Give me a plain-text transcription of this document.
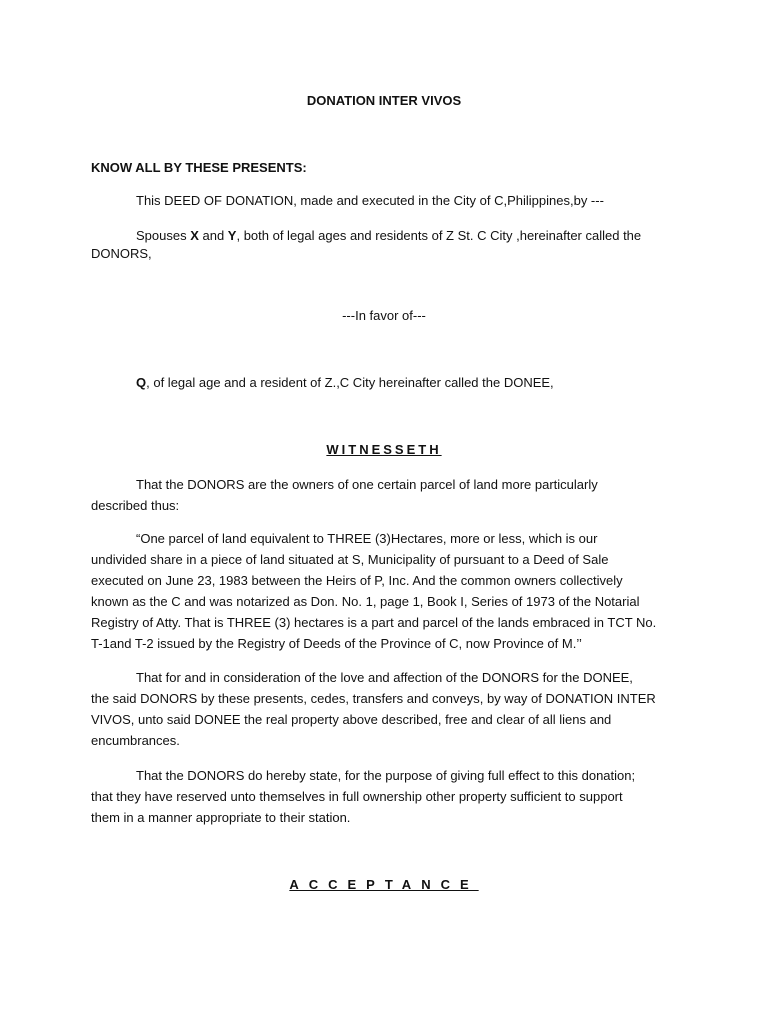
DONATION INTER VIVOS
KNOW ALL BY THESE PRESENTS:
This DEED OF DONATION, made and executed in the City of C,Philippines,by ---
Spouses X and Y, both of legal ages and residents of Z St. C City ,hereinafter called the
DONORS,
---In favor of---
Q, of legal age and a resident of Z.,C City hereinafter called the DONEE,
WITNESSETH
That the DONORS are the owners of one certain parcel of land more particularly
described thus:
“One parcel of land equivalent to THREE (3)Hectares, more or less, which is our
undivided share in a piece of land situated at S, Municipality of pursuant to a Deed of Sale
executed on June 23, 1983 between the Heirs of P, Inc. And the common owners collectively
known as the C and was notarized as Don. No. 1, page 1, Book I, Series of 1973 of the Notarial
Registry of Atty. That is THREE (3) hectares is a part and parcel of the lands embraced in TCT No.
T-1and T-2 issued by the Registry of Deeds of the Province of C, now Province of M.’’
That for and in consideration of the love and affection of the DONORS for the DONEE,
the said DONORS by these presents, cedes, transfers and conveys, by way of DONATION INTER
VIVOS, unto said DONEE the real property above described, free and clear of all liens and
encumbrances.
That the DONORS do hereby state, for the purpose of giving full effect to this donation;
that they have reserved unto themselves in full ownership other property sufficient to support
them in a manner appropriate to their station.
ACCEPTANCE
